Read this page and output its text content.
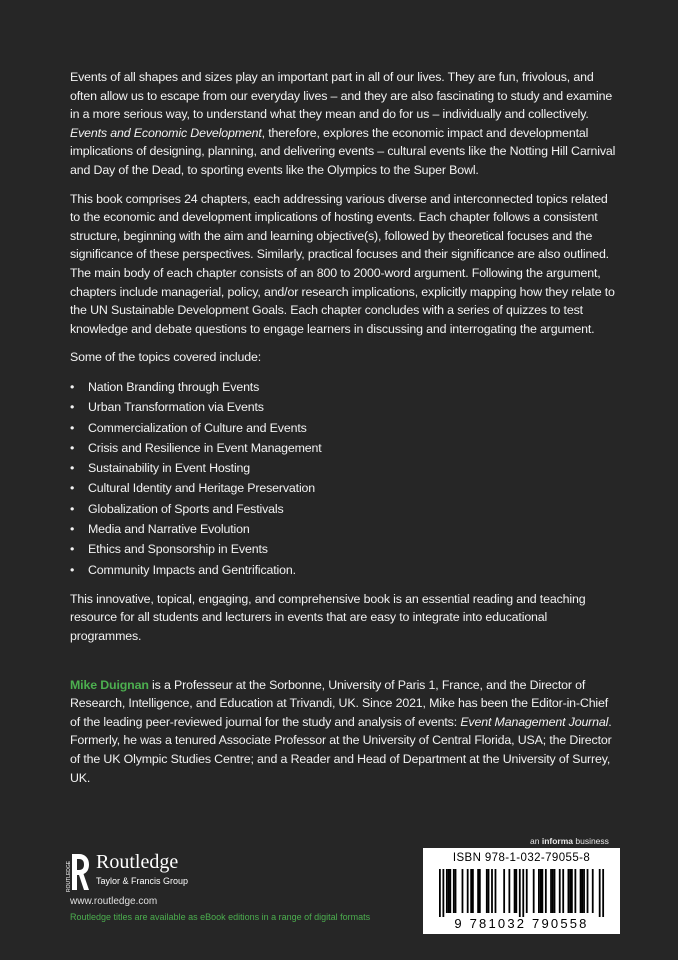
Events of all shapes and sizes play an important part in all of our lives. They are fun, frivolous, and often allow us to escape from our everyday lives – and they are also fascinating to study and examine in a more serious way, to understand what they mean and do for us – individually and collectively. Events and Economic Development, therefore, explores the economic impact and developmental implications of designing, planning, and delivering events – cultural events like the Notting Hill Carnival and Day of the Dead, to sporting events like the Olympics to the Super Bowl.

This book comprises 24 chapters, each addressing various diverse and interconnected topics related to the economic and development implications of hosting events. Each chapter follows a consistent structure, beginning with the aim and learning objective(s), followed by theoretical focuses and the significance of these perspectives. Similarly, practical focuses and their significance are also outlined. The main body of each chapter consists of an 800 to 2000-word argument. Following the argument, chapters include managerial, policy, and/or research implications, explicitly mapping how they relate to the UN Sustainable Development Goals. Each chapter concludes with a series of quizzes to test knowledge and debate questions to engage learners in discussing and interrogating the argument.

Some of the topics covered include:

• Nation Branding through Events
• Urban Transformation via Events
• Commercialization of Culture and Events
• Crisis and Resilience in Event Management
• Sustainability in Event Hosting
• Cultural Identity and Heritage Preservation
• Globalization of Sports and Festivals
• Media and Narrative Evolution
• Ethics and Sponsorship in Events
• Community Impacts and Gentrification.

This innovative, topical, engaging, and comprehensive book is an essential reading and teaching resource for all students and lecturers in events that are easy to integrate into educational programmes.

Mike Duignan is a Professeur at the Sorbonne, University of Paris 1, France, and the Director of Research, Intelligence, and Education at Trivandi, UK. Since 2021, Mike has been the Editor-in-Chief of the leading peer-reviewed journal for the study and analysis of events: Event Management Journal. Formerly, he was a tenured Associate Professor at the University of Central Florida, USA; the Director of the UK Olympic Studies Centre; and a Reader and Head of Department at the University of Surrey, UK.

an informa business
ISBN 978-1-032-79055-8
9 781032 790558
ROUTLEDGE Routledge
Taylor & Francis Group
www.routledge.com
Routledge titles are available as eBook editions in a range of digital formats
